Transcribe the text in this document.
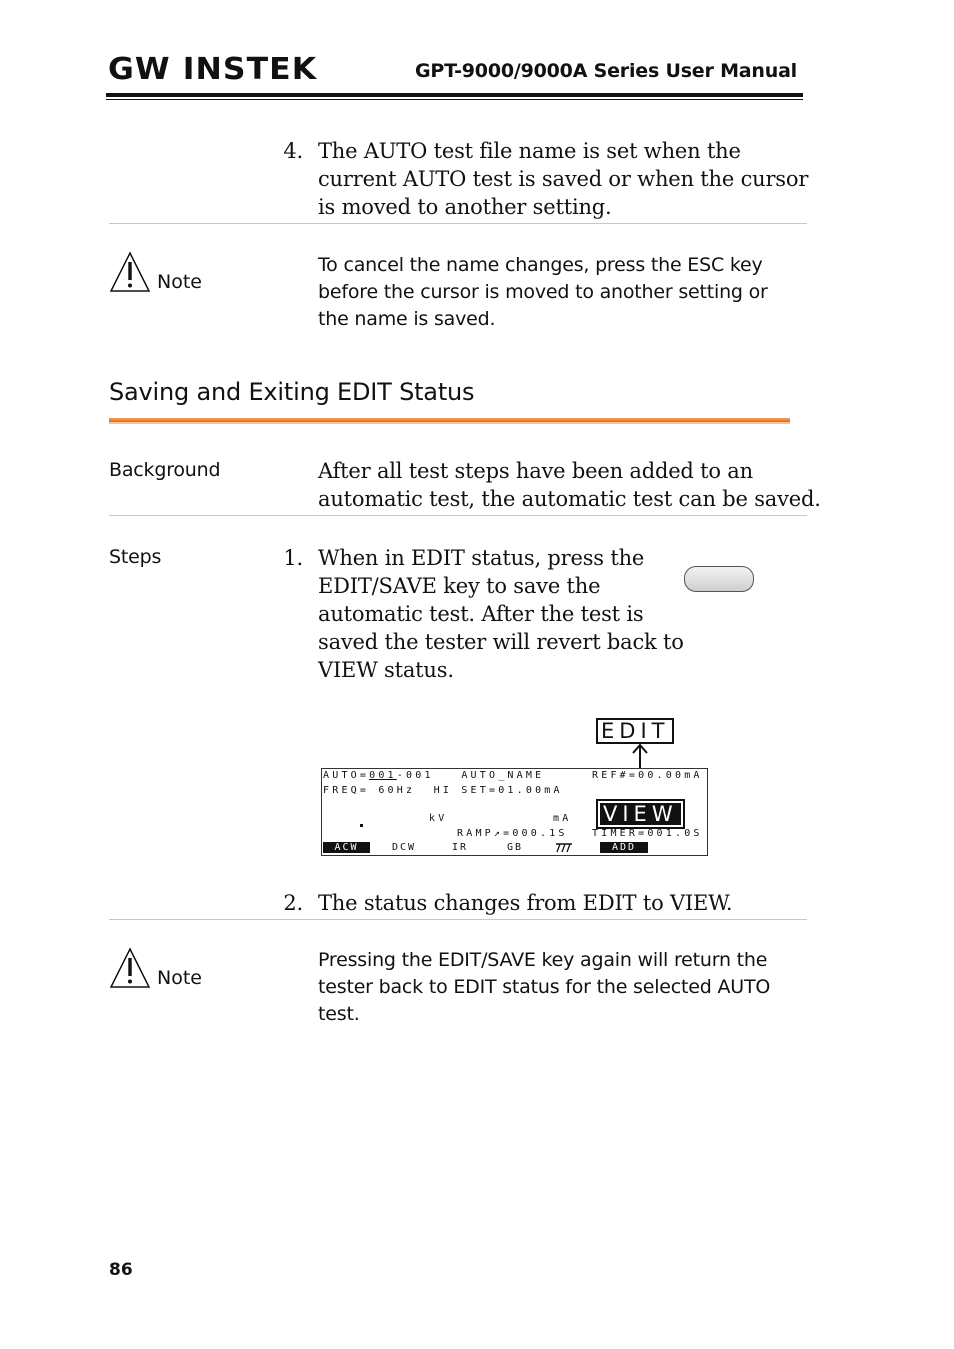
GW INSTEK	GPT-9000/9000A Series User Manual
4. The AUTO test file name is set when the
current AUTO test is saved or when the cursor
is moved to another setting.
Note
To cancel the name changes, press the ESC key
before the cursor is moved to another setting or
the name is saved.
Saving and Exiting EDIT Status
Background	After all test steps have been added to an
automatic test, the automatic test can be saved.
Steps	1. When in EDIT status, press the
EDIT/SAVE key to save the
automatic test. After the test is
saved the tester will revert back to
VIEW status.
EDIT
AUTO=001-001   AUTO_NAME	REF#=00.00mA
FREQ= 60Hz  HI SET=01.00mA
kV	mA
RAMP↗=000.1S TIMER=001.0S
ACW	DCW	IR	GB	ADD
VIEW
2. The status changes from EDIT to VIEW.
Note
Pressing the EDIT/SAVE key again will return the
tester back to EDIT status for the selected AUTO
test.
86
